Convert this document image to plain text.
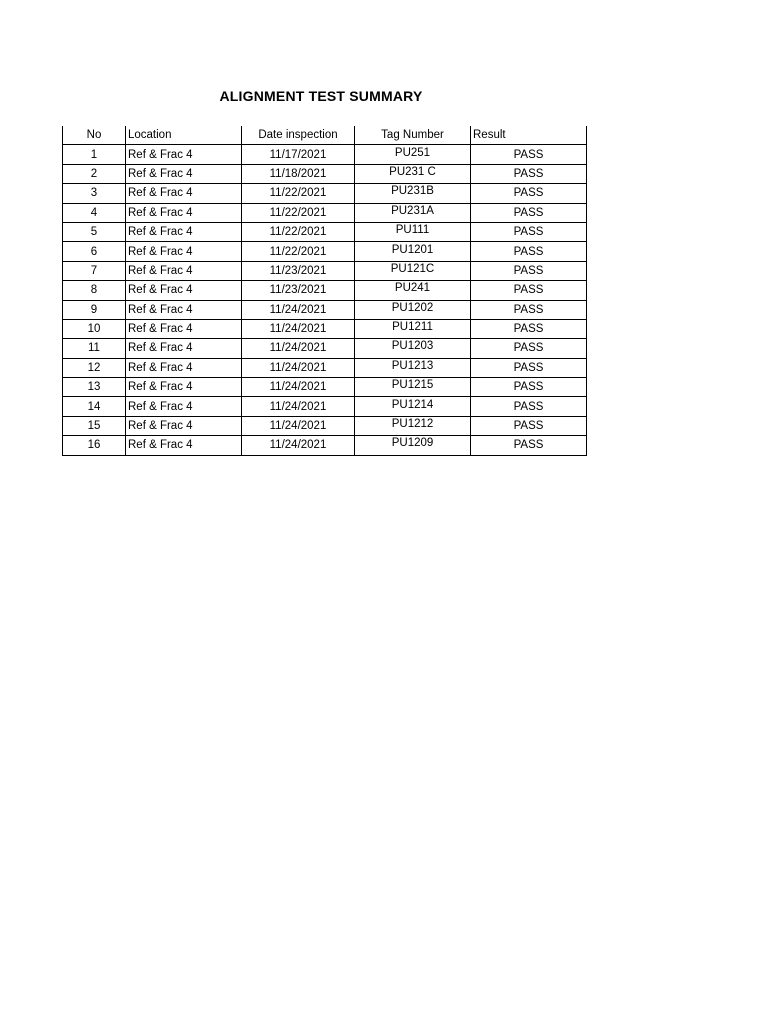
ALIGNMENT TEST SUMMARY
No	Location	Date inspection	Tag Number	Result
1	Ref & Frac 4	11/17/2021	PU251	PASS
2	Ref & Frac 4	11/18/2021	PU231 C	PASS
3	Ref & Frac 4	11/22/2021	PU231B	PASS
4	Ref & Frac 4	11/22/2021	PU231A	PASS
5	Ref & Frac 4	11/22/2021	PU111	PASS
6	Ref & Frac 4	11/22/2021	PU1201	PASS
7	Ref & Frac 4	11/23/2021	PU121C	PASS
8	Ref & Frac 4	11/23/2021	PU241	PASS
9	Ref & Frac 4	11/24/2021	PU1202	PASS
10	Ref & Frac 4	11/24/2021	PU1211	PASS
11	Ref & Frac 4	11/24/2021	PU1203	PASS
12	Ref & Frac 4	11/24/2021	PU1213	PASS
13	Ref & Frac 4	11/24/2021	PU1215	PASS
14	Ref & Frac 4	11/24/2021	PU1214	PASS
15	Ref & Frac 4	11/24/2021	PU1212	PASS
16	Ref & Frac 4	11/24/2021	PU1209	PASS
